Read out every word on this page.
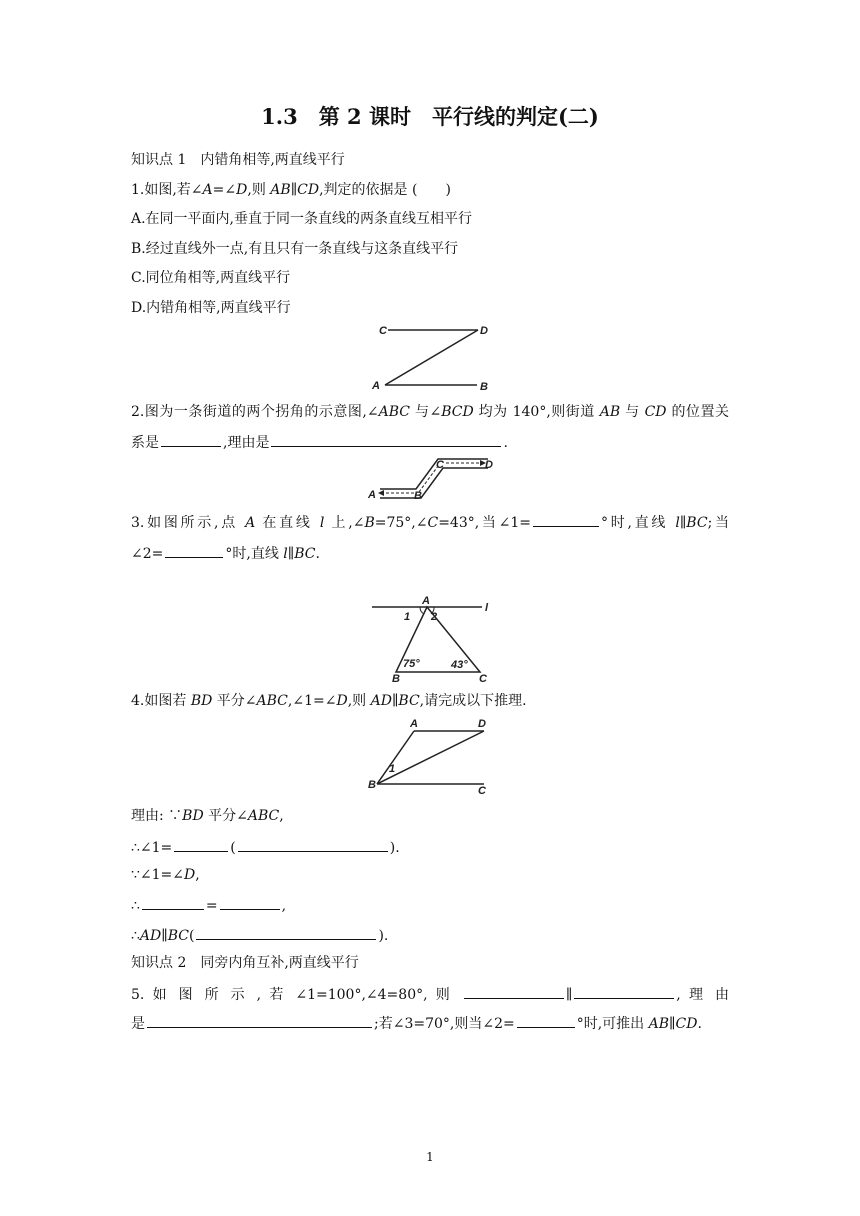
1.3　第 2 课时　平行线的判定(二)
知识点 1　内错角相等,两直线平行
1.如图,若∠A=∠D,则 AB∥CD,判定的依据是 (　　)
A.在同一平面内,垂直于同一条直线的两条直线互相平行
B.经过直线外一点,有且只有一条直线与这条直线平行
C.同位角相等,两直线平行
D.内错角相等,两直线平行
C	D
A	B
2.图为一条街道的两个拐角的示意图,∠ABC 与∠BCD 均为 140°,则街道 AB 与 CD 的位置关
系是	,理由是	.
A	B
C	D
3.如图所示,点 A 在直线 l 上,∠B=75°,∠C=43°,当∠1=	°时,直线 l∥BC;当
∠2=	°时,直线 l∥BC.
A
l
1 2
75°	43°
B	C
4.如图若 BD 平分∠ABC,∠1=∠D,则 AD∥BC,请完成以下推理.
A	D
B	C
1
理由: ∵BD 平分∠ABC,
∴∠1=	(	).
∵∠1=∠D,
∴	=	,
∴AD∥BC(	).
知识点 2　同旁内角互补,两直线平行
5. 如 图 所 示 , 若 ∠1=100°,∠4=80°, 则	∥	, 理 由
是	;若∠3=70°,则当∠2=	°时,可推出 AB∥CD.
1
